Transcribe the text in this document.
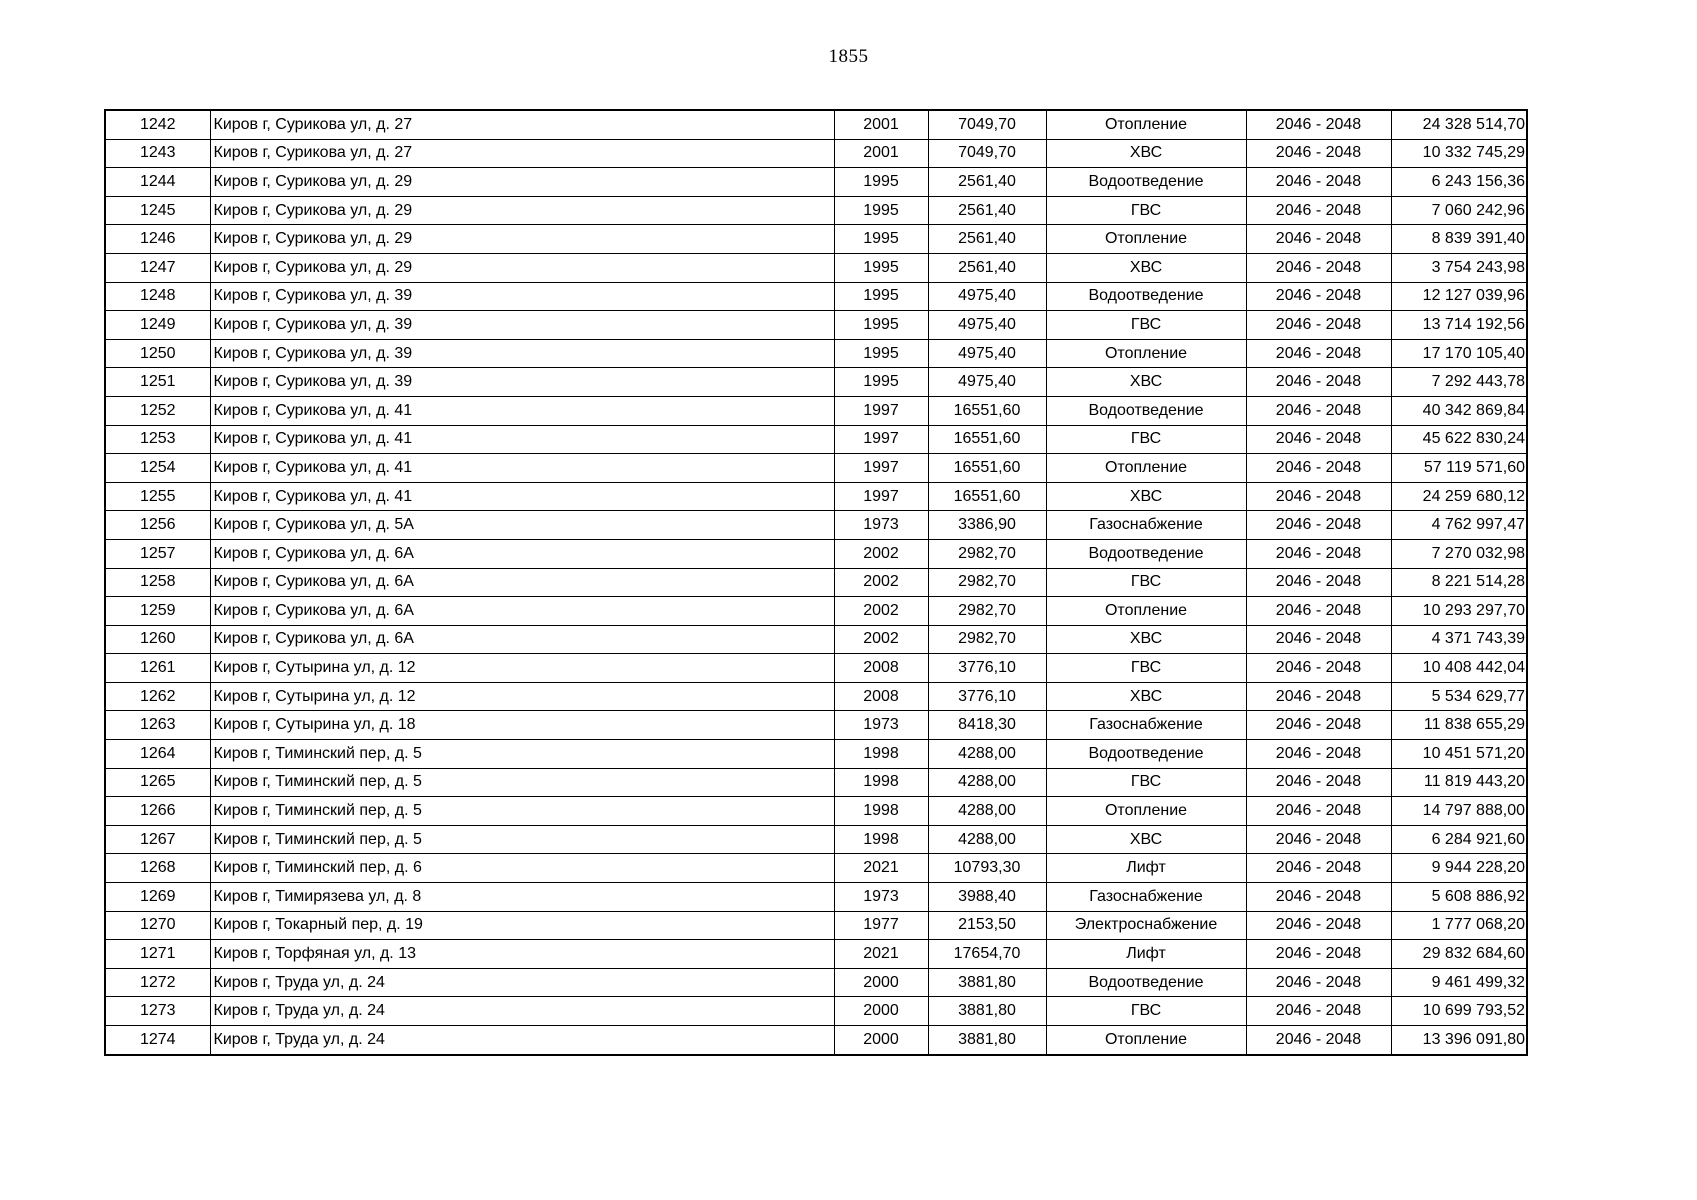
1855
1242	Киров г, Сурикова ул, д. 27	2001	7049,70	Отопление	2046 - 2048	24 328 514,70
1243	Киров г, Сурикова ул, д. 27	2001	7049,70	ХВС	2046 - 2048	10 332 745,29
1244	Киров г, Сурикова ул, д. 29	1995	2561,40	Водоотведение	2046 - 2048	6 243 156,36
1245	Киров г, Сурикова ул, д. 29	1995	2561,40	ГВС	2046 - 2048	7 060 242,96
1246	Киров г, Сурикова ул, д. 29	1995	2561,40	Отопление	2046 - 2048	8 839 391,40
1247	Киров г, Сурикова ул, д. 29	1995	2561,40	ХВС	2046 - 2048	3 754 243,98
1248	Киров г, Сурикова ул, д. 39	1995	4975,40	Водоотведение	2046 - 2048	12 127 039,96
1249	Киров г, Сурикова ул, д. 39	1995	4975,40	ГВС	2046 - 2048	13 714 192,56
1250	Киров г, Сурикова ул, д. 39	1995	4975,40	Отопление	2046 - 2048	17 170 105,40
1251	Киров г, Сурикова ул, д. 39	1995	4975,40	ХВС	2046 - 2048	7 292 443,78
1252	Киров г, Сурикова ул, д. 41	1997	16551,60	Водоотведение	2046 - 2048	40 342 869,84
1253	Киров г, Сурикова ул, д. 41	1997	16551,60	ГВС	2046 - 2048	45 622 830,24
1254	Киров г, Сурикова ул, д. 41	1997	16551,60	Отопление	2046 - 2048	57 119 571,60
1255	Киров г, Сурикова ул, д. 41	1997	16551,60	ХВС	2046 - 2048	24 259 680,12
1256	Киров г, Сурикова ул, д. 5А	1973	3386,90	Газоснабжение	2046 - 2048	4 762 997,47
1257	Киров г, Сурикова ул, д. 6А	2002	2982,70	Водоотведение	2046 - 2048	7 270 032,98
1258	Киров г, Сурикова ул, д. 6А	2002	2982,70	ГВС	2046 - 2048	8 221 514,28
1259	Киров г, Сурикова ул, д. 6А	2002	2982,70	Отопление	2046 - 2048	10 293 297,70
1260	Киров г, Сурикова ул, д. 6А	2002	2982,70	ХВС	2046 - 2048	4 371 743,39
1261	Киров г, Сутырина ул, д. 12	2008	3776,10	ГВС	2046 - 2048	10 408 442,04
1262	Киров г, Сутырина ул, д. 12	2008	3776,10	ХВС	2046 - 2048	5 534 629,77
1263	Киров г, Сутырина ул, д. 18	1973	8418,30	Газоснабжение	2046 - 2048	11 838 655,29
1264	Киров г, Тиминский пер, д. 5	1998	4288,00	Водоотведение	2046 - 2048	10 451 571,20
1265	Киров г, Тиминский пер, д. 5	1998	4288,00	ГВС	2046 - 2048	11 819 443,20
1266	Киров г, Тиминский пер, д. 5	1998	4288,00	Отопление	2046 - 2048	14 797 888,00
1267	Киров г, Тиминский пер, д. 5	1998	4288,00	ХВС	2046 - 2048	6 284 921,60
1268	Киров г, Тиминский пер, д. 6	2021	10793,30	Лифт	2046 - 2048	9 944 228,20
1269	Киров г, Тимирязева ул, д. 8	1973	3988,40	Газоснабжение	2046 - 2048	5 608 886,92
1270	Киров г, Токарный пер, д. 19	1977	2153,50	Электроснабжение	2046 - 2048	1 777 068,20
1271	Киров г, Торфяная ул, д. 13	2021	17654,70	Лифт	2046 - 2048	29 832 684,60
1272	Киров г, Труда ул, д. 24	2000	3881,80	Водоотведение	2046 - 2048	9 461 499,32
1273	Киров г, Труда ул, д. 24	2000	3881,80	ГВС	2046 - 2048	10 699 793,52
1274	Киров г, Труда ул, д. 24	2000	3881,80	Отопление	2046 - 2048	13 396 091,80
